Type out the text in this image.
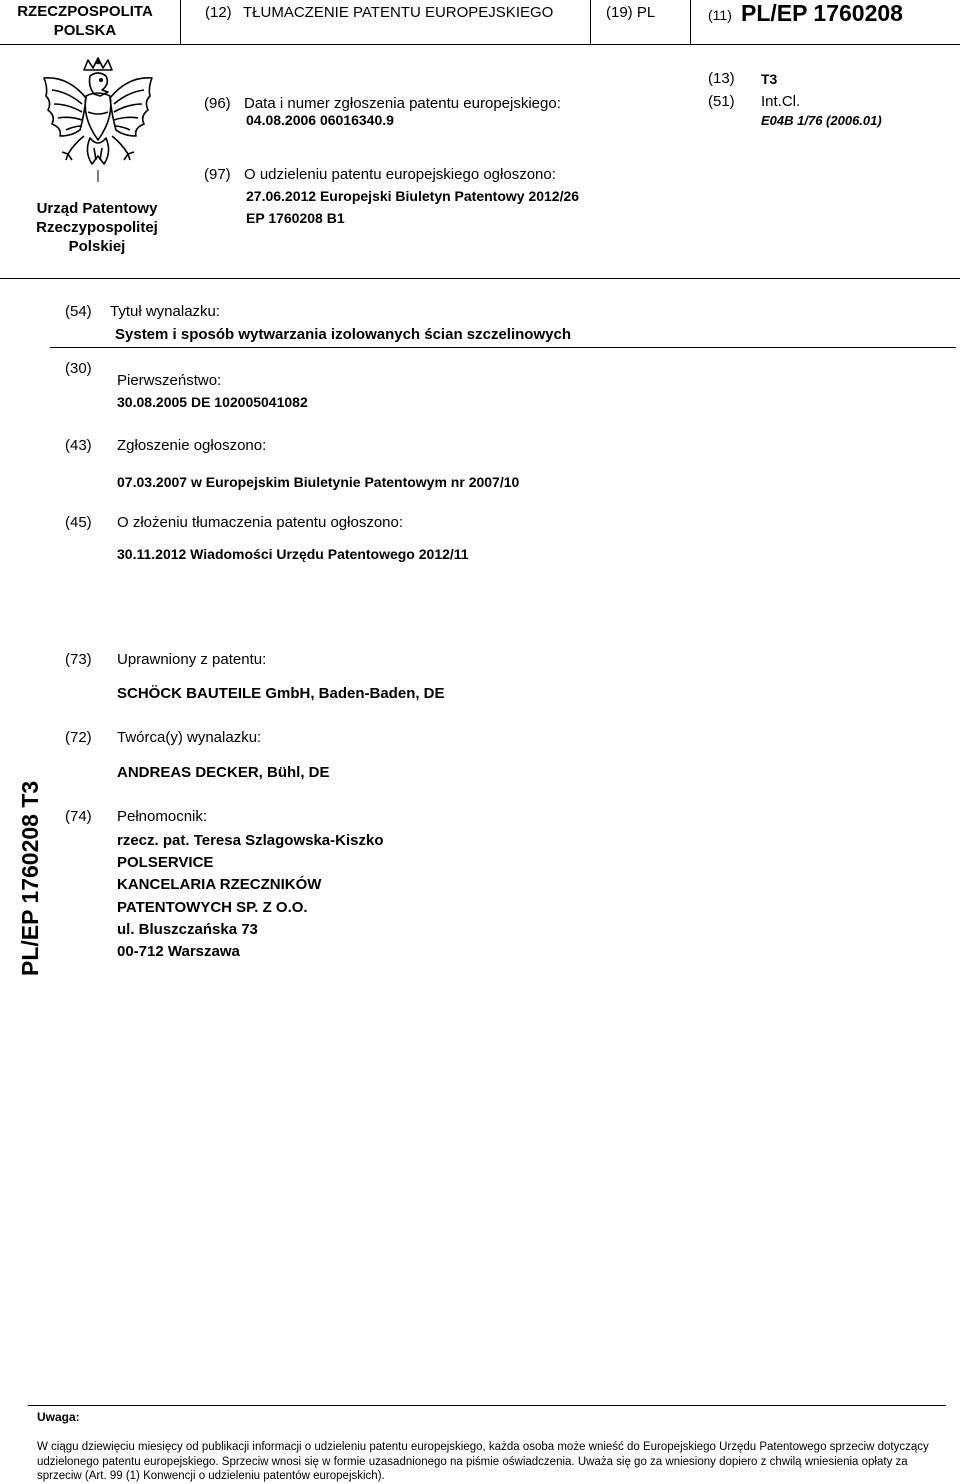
RZECZPOSPOLITA
POLSKA
(12) TŁUMACZENIE PATENTU EUROPEJSKIEGO	(19) PL	(11) PL/EP 1760208
Urząd Patentowy
Rzeczypospolitej
Polskiej
(96) Data i numer zgłoszenia patentu europejskiego:
04.08.2006 06016340.9
(13) T3
(51) Int.Cl.
E04B 1/76 (2006.01)
(97) O udzieleniu patentu europejskiego ogłoszono:
27.06.2012 Europejski Biuletyn Patentowy 2012/26
EP 1760208 B1
(54) Tytuł wynalazku:
System i sposób wytwarzania izolowanych ścian szczelinowych
(30)
Pierwszeństwo:
30.08.2005 DE 102005041082
(43) Zgłoszenie ogłoszono:
07.03.2007 w Europejskim Biuletynie Patentowym nr 2007/10
(45) O złożeniu tłumaczenia patentu ogłoszono:
30.11.2012 Wiadomości Urzędu Patentowego 2012/11
(73) Uprawniony z patentu:
SCHÖCK BAUTEILE GmbH, Baden-Baden, DE
(72) Twórca(y) wynalazku:
ANDREAS DECKER, Bühl, DE
(74) Pełnomocnik:
rzecz. pat. Teresa Szlagowska-Kiszko
POLSERVICE
KANCELARIA RZECZNIKÓW
PATENTOWYCH SP. Z O.O.
ul. Bluszczańska 73
00-712 Warszawa
PL/EP 1760208 T3
Uwaga:
W ciągu dziewięciu miesięcy od publikacji informacji o udzieleniu patentu europejskiego, każda osoba może wnieść do Europejskiego Urzędu Patentowego sprzeciw dotyczący udzielonego patentu europejskiego. Sprzeciw wnosi się w formie uzasadnionego na piśmie oświadczenia. Uważa się go za wniesiony dopiero z chwilą wniesienia opłaty za sprzeciw (Art. 99 (1) Konwencji o udzieleniu patentów europejskich).
